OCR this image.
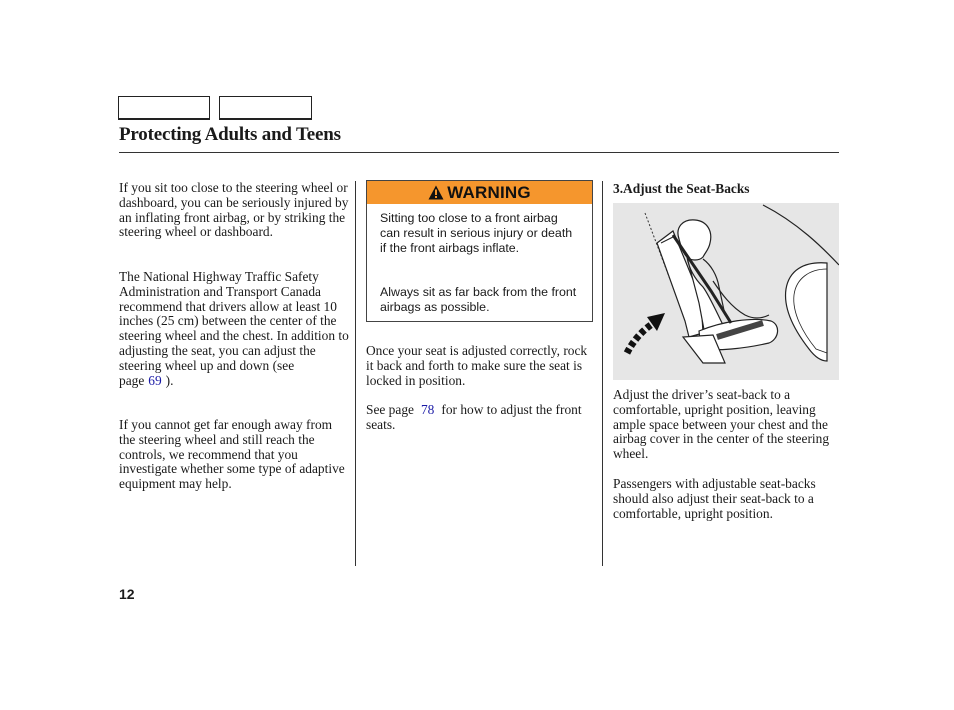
Protecting Adults and Teens

If you sit too close to the steering wheel or dashboard, you can be seriously injured by an inflating front airbag, or by striking the steering wheel or dashboard.

The National Highway Traffic Safety Administration and Transport Canada recommend that drivers allow at least 10 inches (25 cm) between the center of the steering wheel and the chest. In addition to adjusting the seat, you can adjust the steering wheel up and down (see page 69 ).

If you cannot get far enough away from the steering wheel and still reach the controls, we recommend that you investigate whether some type of adaptive equipment may help.

WARNING

Sitting too close to a front airbag can result in serious injury or death if the front airbags inflate.

Always sit as far back from the front airbags as possible.

Once your seat is adjusted correctly, rock it back and forth to make sure the seat is locked in position.

See page 78 for how to adjust the front seats.

3.Adjust the Seat-Backs

Adjust the driver’s seat-back to a comfortable, upright position, leaving ample space between your chest and the airbag cover in the center of the steering wheel.

Passengers with adjustable seat-backs should also adjust their seat-back to a comfortable, upright position.

12
